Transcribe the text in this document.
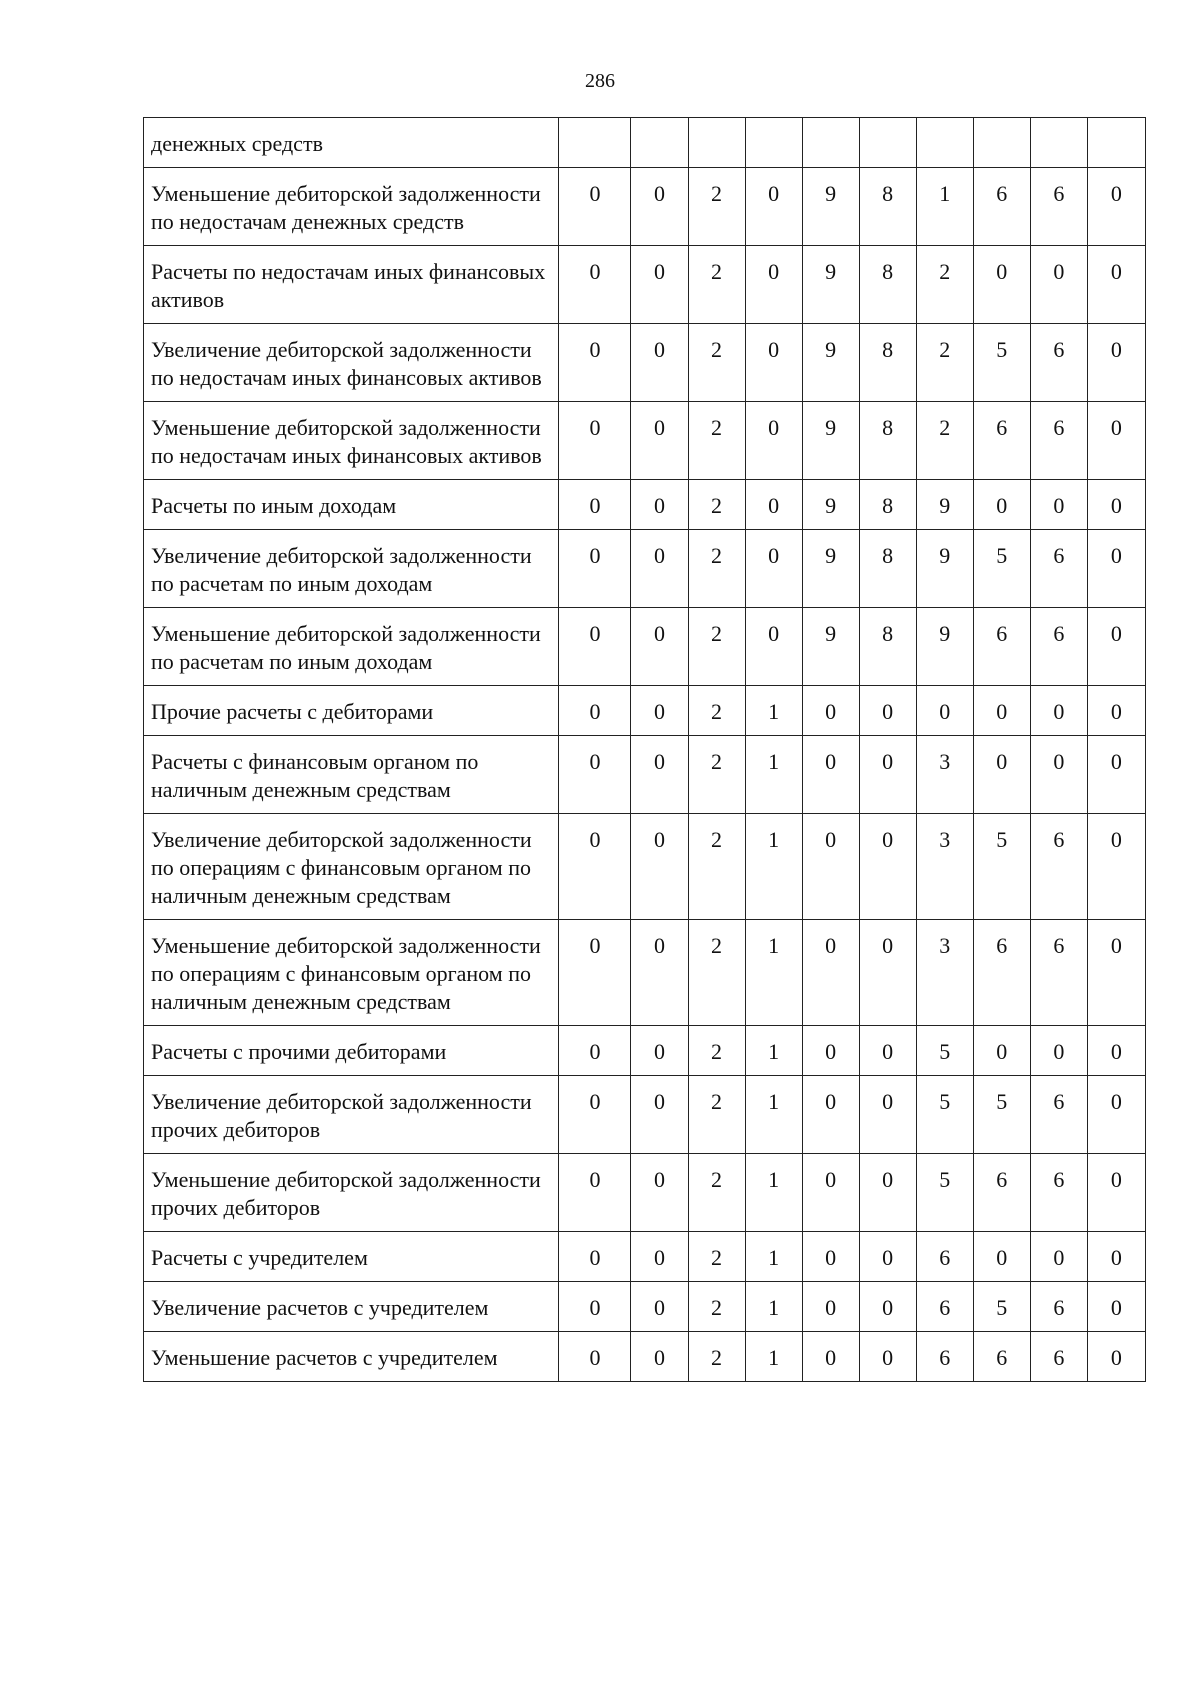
286
денежных средств										
Уменьшение дебиторской задолженности по недостачам денежных средств	0	0	2	0	9	8	1	6	6	0
Расчеты по недостачам иных финансовых активов	0	0	2	0	9	8	2	0	0	0
Увеличение дебиторской задолженности по недостачам иных финансовых активов	0	0	2	0	9	8	2	5	6	0
Уменьшение дебиторской задолженности по недостачам иных финансовых активов	0	0	2	0	9	8	2	6	6	0
Расчеты по иным доходам	0	0	2	0	9	8	9	0	0	0
Увеличение дебиторской задолженности по расчетам по иным доходам	0	0	2	0	9	8	9	5	6	0
Уменьшение дебиторской задолженности по расчетам по иным доходам	0	0	2	0	9	8	9	6	6	0
Прочие расчеты с дебиторами	0	0	2	1	0	0	0	0	0	0
Расчеты с финансовым органом по наличным денежным средствам	0	0	2	1	0	0	3	0	0	0
Увеличение дебиторской задолженности по операциям с финансовым органом по наличным денежным средствам	0	0	2	1	0	0	3	5	6	0
Уменьшение дебиторской задолженности по операциям с финансовым органом по наличным денежным средствам	0	0	2	1	0	0	3	6	6	0
Расчеты с прочими дебиторами	0	0	2	1	0	0	5	0	0	0
Увеличение дебиторской задолженности прочих дебиторов	0	0	2	1	0	0	5	5	6	0
Уменьшение дебиторской задолженности прочих дебиторов	0	0	2	1	0	0	5	6	6	0
Расчеты с учредителем	0	0	2	1	0	0	6	0	0	0
Увеличение расчетов с учредителем	0	0	2	1	0	0	6	5	6	0
Уменьшение расчетов с учредителем	0	0	2	1	0	0	6	6	6	0
